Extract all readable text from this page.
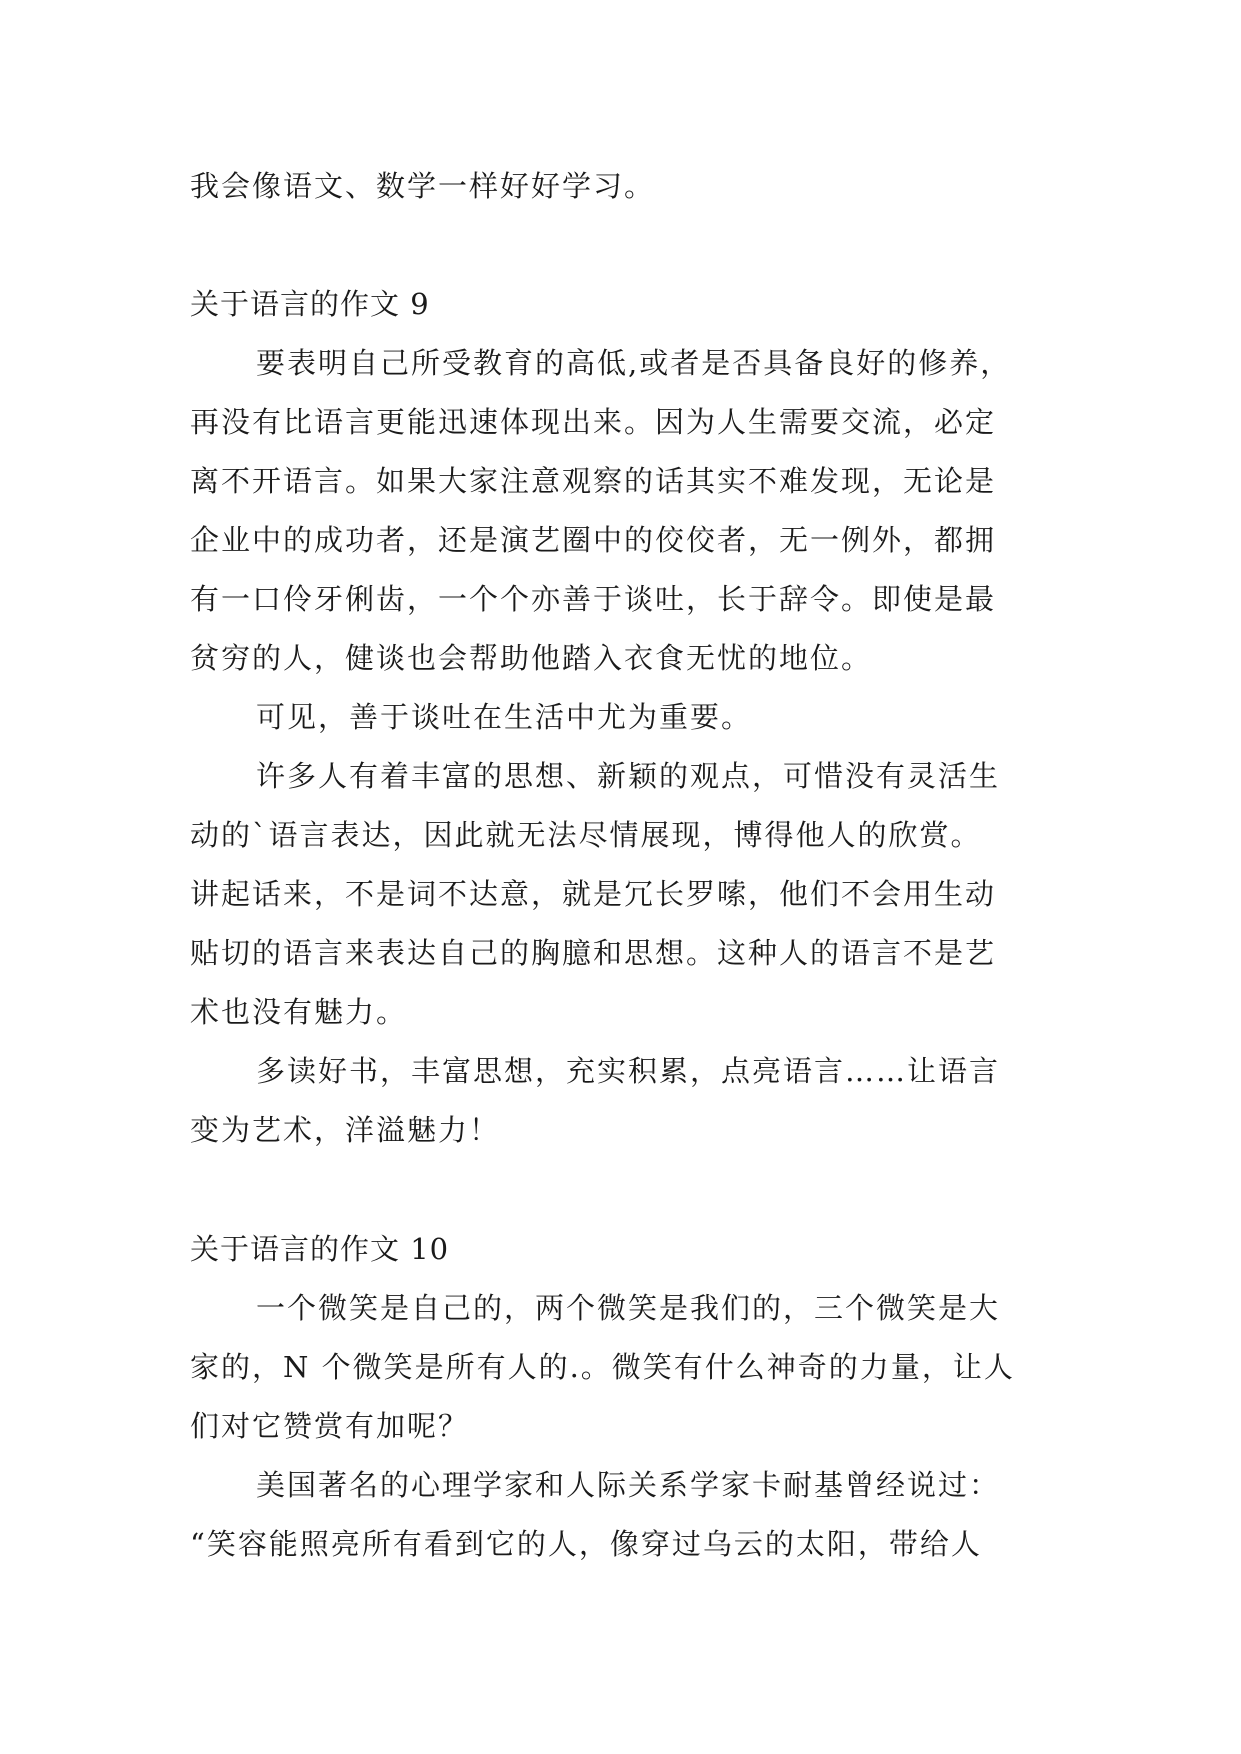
我会像语文、数学一样好好学习。
关于语言的作文 9
要表明自己所受教育的高低,或者是否具备良好的修养，
再没有比语言更能迅速体现出来。因为人生需要交流，必定
离不开语言。如果大家注意观察的话其实不难发现，无论是
企业中的成功者，还是演艺圈中的佼佼者，无一例外，都拥
有一口伶牙俐齿，一个个亦善于谈吐，长于辞令。即使是最
贫穷的人，健谈也会帮助他踏入衣食无忧的地位。
可见，善于谈吐在生活中尤为重要。
许多人有着丰富的思想、新颖的观点，可惜没有灵活生
动的`语言表达，因此就无法尽情展现，博得他人的欣赏。
讲起话来，不是词不达意，就是冗长罗嗦，他们不会用生动
贴切的语言来表达自己的胸臆和思想。这种人的语言不是艺
术也没有魅力。
多读好书，丰富思想，充实积累，点亮语言……让语言
变为艺术，洋溢魅力！
关于语言的作文 10
一个微笑是自己的，两个微笑是我们的，三个微笑是大
家的，N 个微笑是所有人的.。微笑有什么神奇的力量，让人
们对它赞赏有加呢？
美国著名的心理学家和人际关系学家卡耐基曾经说过：
“笑容能照亮所有看到它的人，像穿过乌云的太阳，带给人
